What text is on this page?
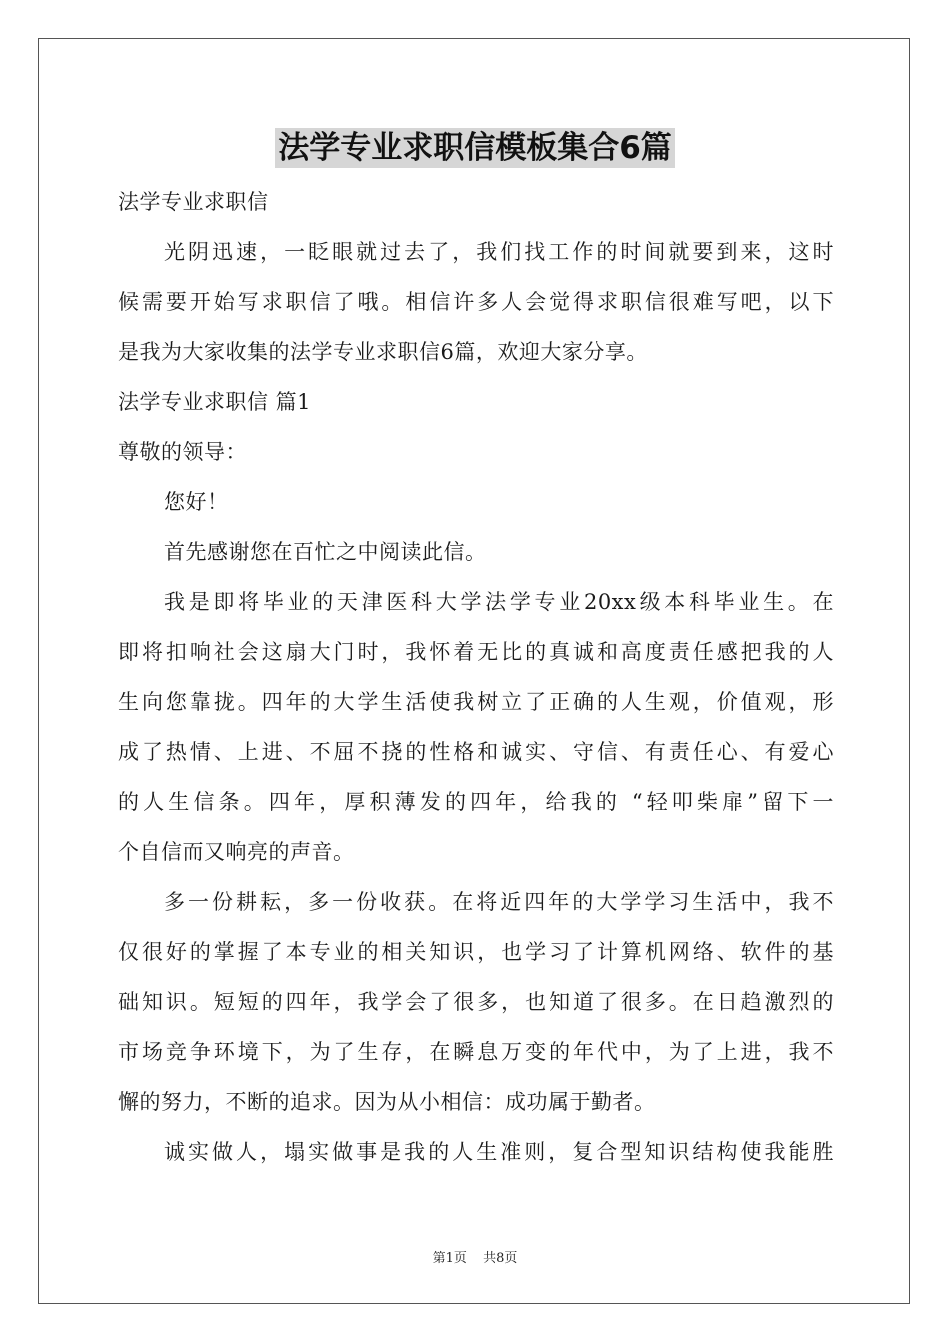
法学专业求职信模板集合6篇

法学专业求职信

光阴迅速，一眨眼就过去了，我们找工作的时间就要到来，这时

候需要开始写求职信了哦。相信许多人会觉得求职信很难写吧，以下

是我为大家收集的法学专业求职信6篇，欢迎大家分享。

法学专业求职信 篇1

尊敬的领导：

您好！

首先感谢您在百忙之中阅读此信。

我是即将毕业的天津医科大学法学专业20xx级本科毕业生。在

即将扣响社会这扇大门时，我怀着无比的真诚和高度责任感把我的人

生向您靠拢。四年的大学生活使我树立了正确的人生观，价值观，形

成了热情、上进、不屈不挠的性格和诚实、守信、有责任心、有爱心

的人生信条。四年，厚积薄发的四年，给我的 “轻叩柴扉”留下一

个自信而又响亮的声音。

多一份耕耘，多一份收获。在将近四年的大学学习生活中，我不

仅很好的掌握了本专业的相关知识，也学习了计算机网络、软件的基

础知识。短短的四年，我学会了很多，也知道了很多。在日趋激烈的

市场竞争环境下，为了生存，在瞬息万变的年代中，为了上进，我不

懈的努力，不断的追求。因为从小相信：成功属于勤者。

诚实做人，塌实做事是我的人生准则，复合型知识结构使我能胜

第1页 共8页
